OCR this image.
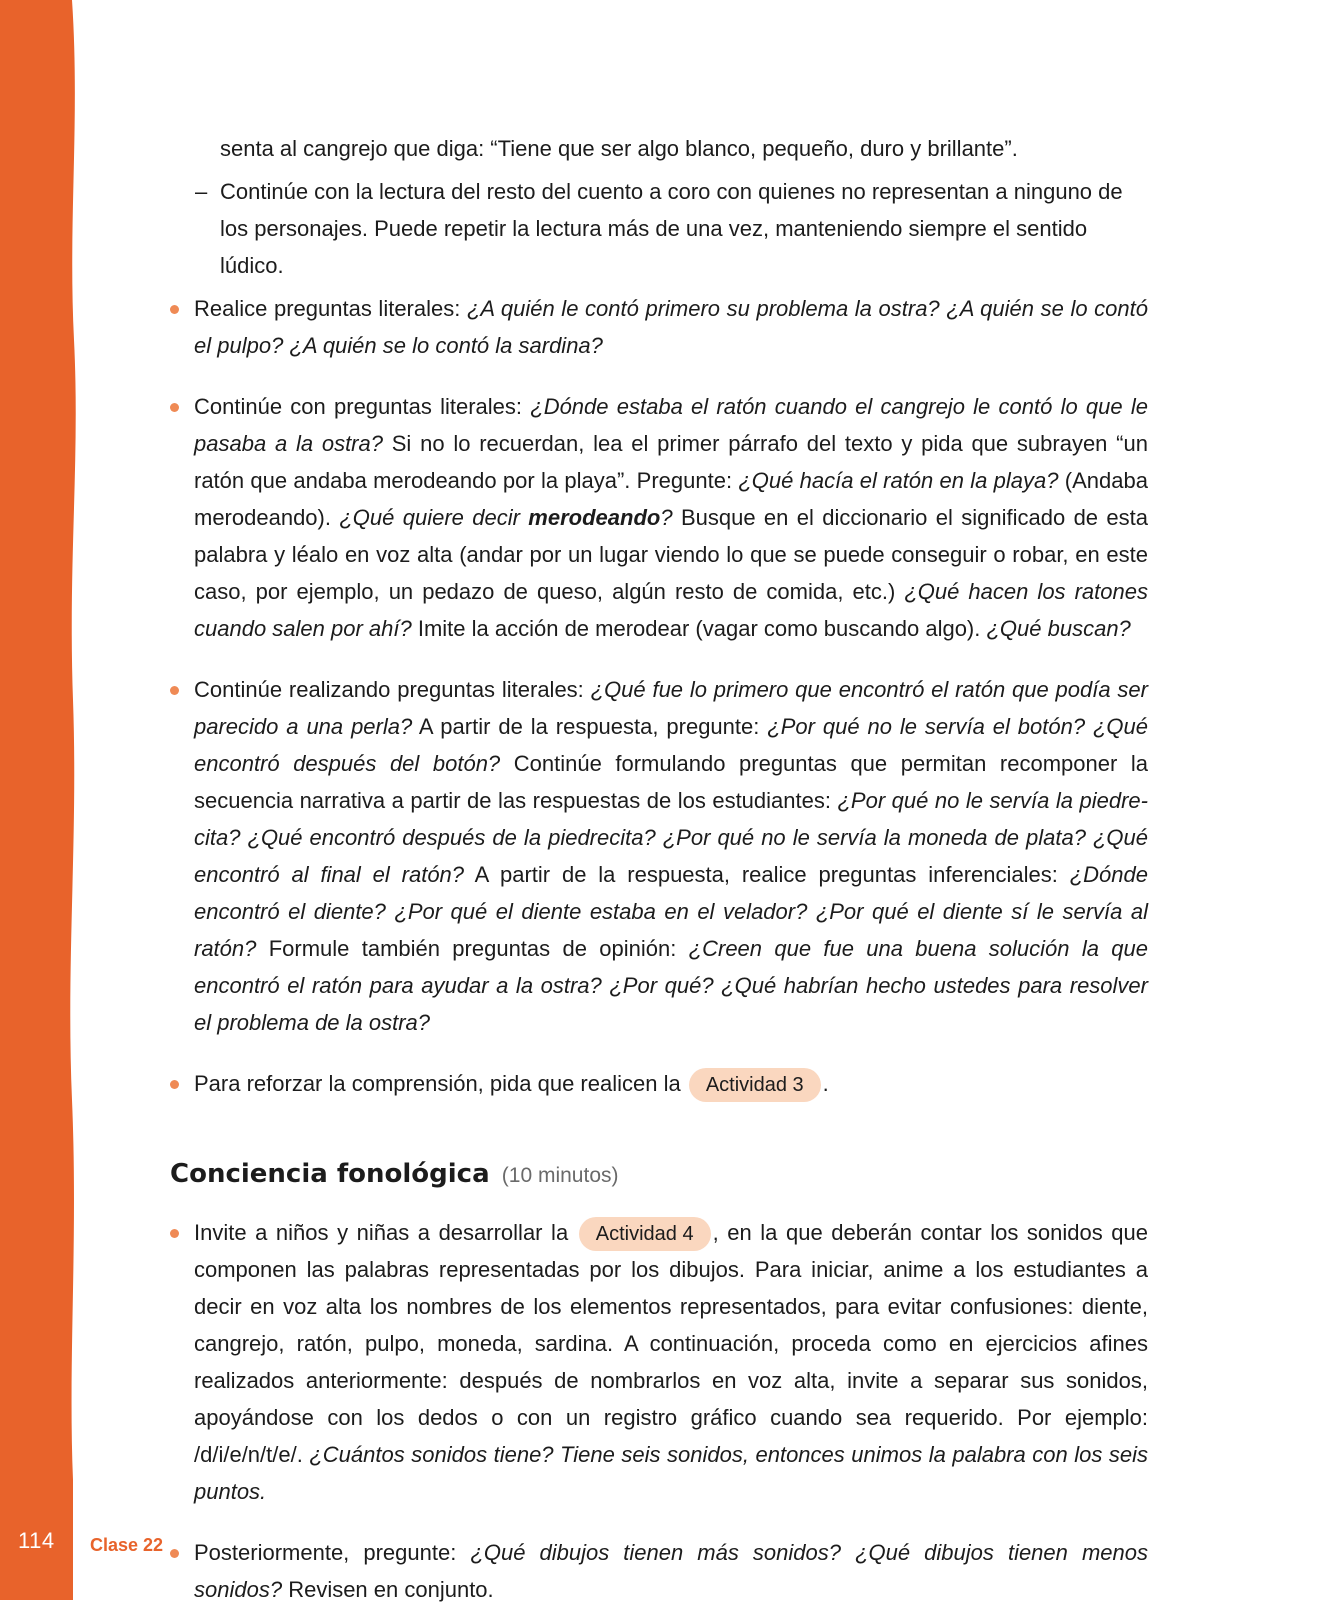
114	Clase 22

senta al cangrejo que diga: “Tiene que ser algo blanco, pequeño, duro y brillante”.

– Continúe con la lectura del resto del cuento a coro con quienes no representan a ninguno de los personajes. Puede repetir la lectura más de una vez, manteniendo siempre el sentido lúdico.

Realice preguntas literales: ¿A quién le contó primero su problema la ostra? ¿A quién se lo contó el pulpo? ¿A quién se lo contó la sardina?

Continúe con preguntas literales: ¿Dónde estaba el ratón cuando el cangrejo le contó lo que le pasaba a la ostra? Si no lo recuerdan, lea el primer párrafo del texto y pida que subrayen “un ratón que andaba merodeando por la playa”. Pregunte: ¿Qué hacía el ratón en la playa? (Andaba merodeando). ¿Qué quiere decir merodeando? Busque en el diccionario el significado de esta palabra y léalo en voz alta (andar por un lugar viendo lo que se puede conseguir o robar, en este caso, por ejemplo, un pedazo de queso, algún resto de comida, etc.) ¿Qué hacen los ratones cuando salen por ahí? Imite la acción de merodear (vagar como buscando algo). ¿Qué buscan?

Continúe realizando preguntas literales: ¿Qué fue lo primero que encontró el ratón que podía ser parecido a una perla? A partir de la respuesta, pregunte: ¿Por qué no le servía el botón? ¿Qué encontró después del botón? Continúe formulando preguntas que permitan recomponer la secuencia narrativa a partir de las respuestas de los estudiantes: ¿Por qué no le servía la piedrecita? ¿Qué encontró después de la piedrecita? ¿Por qué no le servía la moneda de plata? ¿Qué encontró al final el ratón? A partir de la respuesta, realice preguntas inferenciales: ¿Dónde encontró el diente? ¿Por qué el diente estaba en el velador? ¿Por qué el diente sí le servía al ratón? Formule también preguntas de opinión: ¿Creen que fue una buena solución la que encontró el ratón para ayudar a la ostra? ¿Por qué? ¿Qué habrían hecho ustedes para resolver el problema de la ostra?

Para reforzar la comprensión, pida que realicen la Actividad 3 .

Conciencia fonológica (10 minutos)

Invite a niños y niñas a desarrollar la Actividad 4 , en la que deberán contar los sonidos que componen las palabras representadas por los dibujos. Para iniciar, anime a los estudiantes a decir en voz alta los nombres de los elementos representados, para evitar confusiones: diente, cangrejo, ratón, pulpo, moneda, sardina. A continuación, proceda como en ejercicios afines realizados anteriormente: después de nombrarlos en voz alta, invite a separar sus sonidos, apoyándose con los dedos o con un registro gráfico cuando sea requerido. Por ejemplo: /d/i/e/n/t/e/. ¿Cuántos sonidos tiene? Tiene seis sonidos, entonces unimos la palabra con los seis puntos.

Posteriormente, pregunte: ¿Qué dibujos tienen más sonidos? ¿Qué dibujos tienen menos sonidos? Revisen en conjunto.
